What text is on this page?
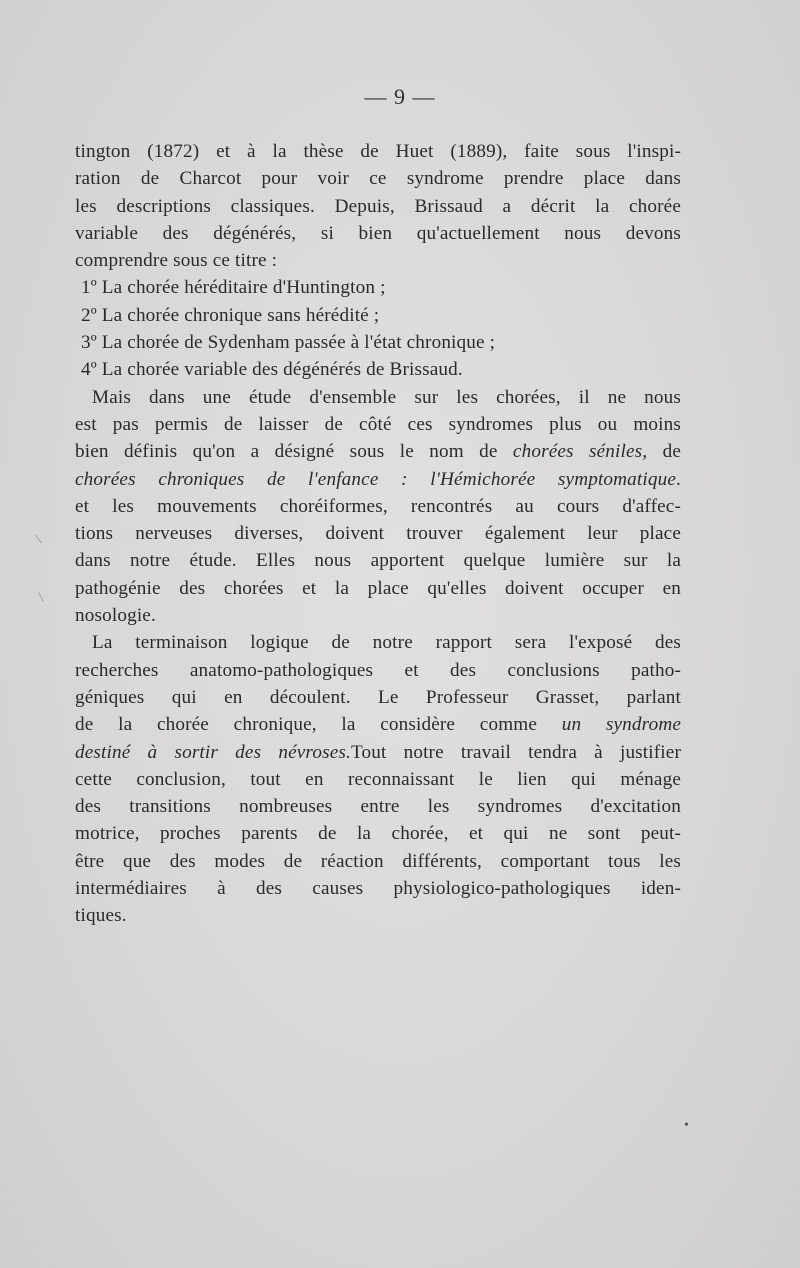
— 9 —
tington (1872) et à la thèse de Huet (1889), faite sous l'inspi-
ration de Charcot pour voir ce syndrome prendre place dans
les descriptions classiques. Depuis, Brissaud a décrit la chorée
variable des dégénérés, si bien qu'actuellement nous devons
comprendre sous ce titre :
1º La chorée héréditaire d'Huntington ;
2º La chorée chronique sans hérédité ;
3º La chorée de Sydenham passée à l'état chronique ;
4º La chorée variable des dégénérés de Brissaud.
Mais dans une étude d'ensemble sur les chorées, il ne nous
est pas permis de laisser de côté ces syndromes plus ou moins
bien définis qu'on a désigné sous le nom de chorées séniles, de
chorées chroniques de l'enfance : l'Hémichorée symptomatique.
et les mouvements choréiformes, rencontrés au cours d'affec-
tions nerveuses diverses, doivent trouver également leur place
dans notre étude. Elles nous apportent quelque lumière sur la
pathogénie des chorées et la place qu'elles doivent occuper en
nosologie.
La terminaison logique de notre rapport sera l'exposé des
recherches anatomo-pathologiques et des conclusions patho-
géniques qui en découlent. Le Professeur Grasset, parlant
de la chorée chronique, la considère comme un syndrome
destiné à sortir des névroses.Tout notre travail tendra à justifier
cette conclusion, tout en reconnaissant le lien qui ménage
des transitions nombreuses entre les syndromes d'excitation
motrice, proches parents de la chorée, et qui ne sont peut-
être que des modes de réaction différents, comportant tous les
intermédiaires à des causes physiologico-pathologiques iden-
tiques.
/
/
•
